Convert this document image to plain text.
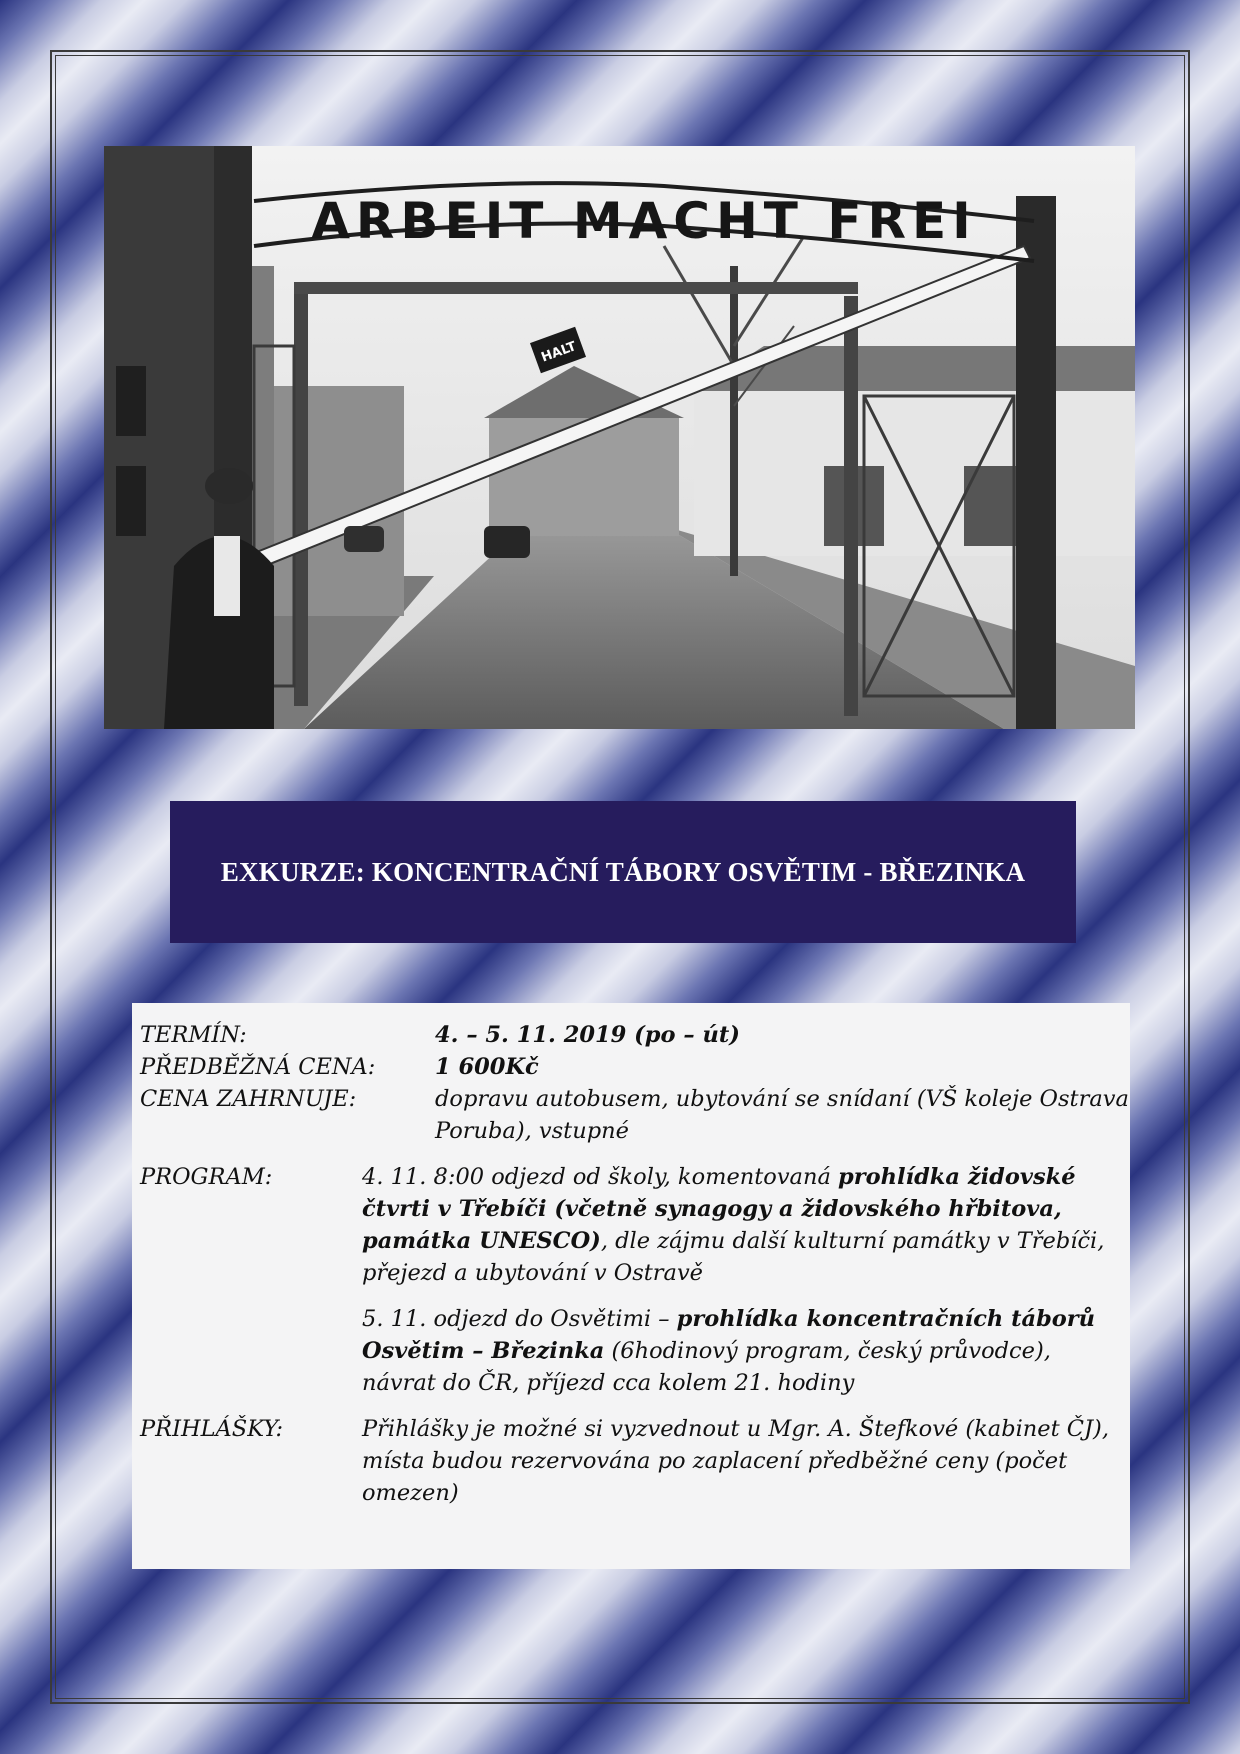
ARBEIT MACHT FREI
HALT
EXKURZE: KONCENTRAČNÍ TÁBORY OSVĚTIM - BŘEZINKA
TERMÍN:	4. – 5. 11. 2019 (po – út)
PŘEDBĚŽNÁ CENA:	1 600Kč
CENA ZAHRNUJE:	dopravu autobusem, ubytování se snídaní (VŠ koleje Ostrava Poruba), vstupné
PROGRAM:	4. 11. 8:00 odjezd od školy, komentovaná prohlídka židovské čtvrti v Třebíči (včetně synagogy a židovského hřbitova, památka UNESCO), dle zájmu další kulturní památky v Třebíči, přejezd a ubytování v Ostravě
5. 11. odjezd do Osvětimi – prohlídka koncentračních táborů Osvětim – Březinka (6hodinový program, český průvodce), návrat do ČR, příjezd cca kolem 21. hodiny
PŘIHLÁŠKY:	Přihlášky je možné si vyzvednout u Mgr. A. Štefkové (kabinet ČJ), místa budou rezervována po zaplacení předběžné ceny (počet omezen)
